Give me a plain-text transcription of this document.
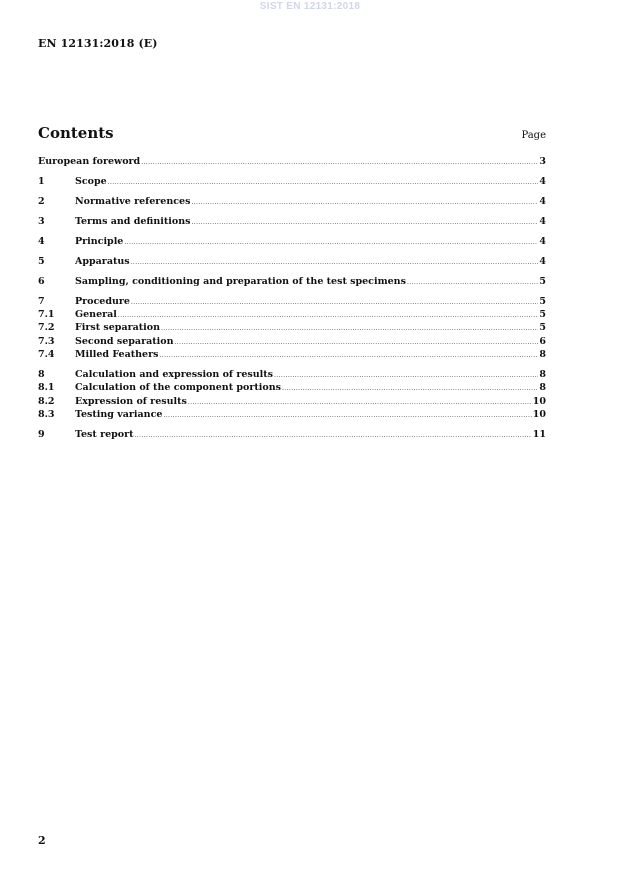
SIST EN 12131:2018
EN 12131:2018 (E)
Contents	Page
European foreword .....	3
1	Scope .....	4
2	Normative references .....	4
3	Terms and definitions .....	4
4	Principle .....	4
5	Apparatus .....	4
6	Sampling, conditioning and preparation of the test specimens .....	5
7	Procedure .....	5
7.1	General .....	5
7.2	First separation .....	5
7.3	Second separation .....	6
7.4	Milled Feathers .....	8
8	Calculation and expression of results .....	8
8.1	Calculation of the component portions .....	8
8.2	Expression of results .....	10
8.3	Testing variance .....	10
9	Test report .....	11
2
